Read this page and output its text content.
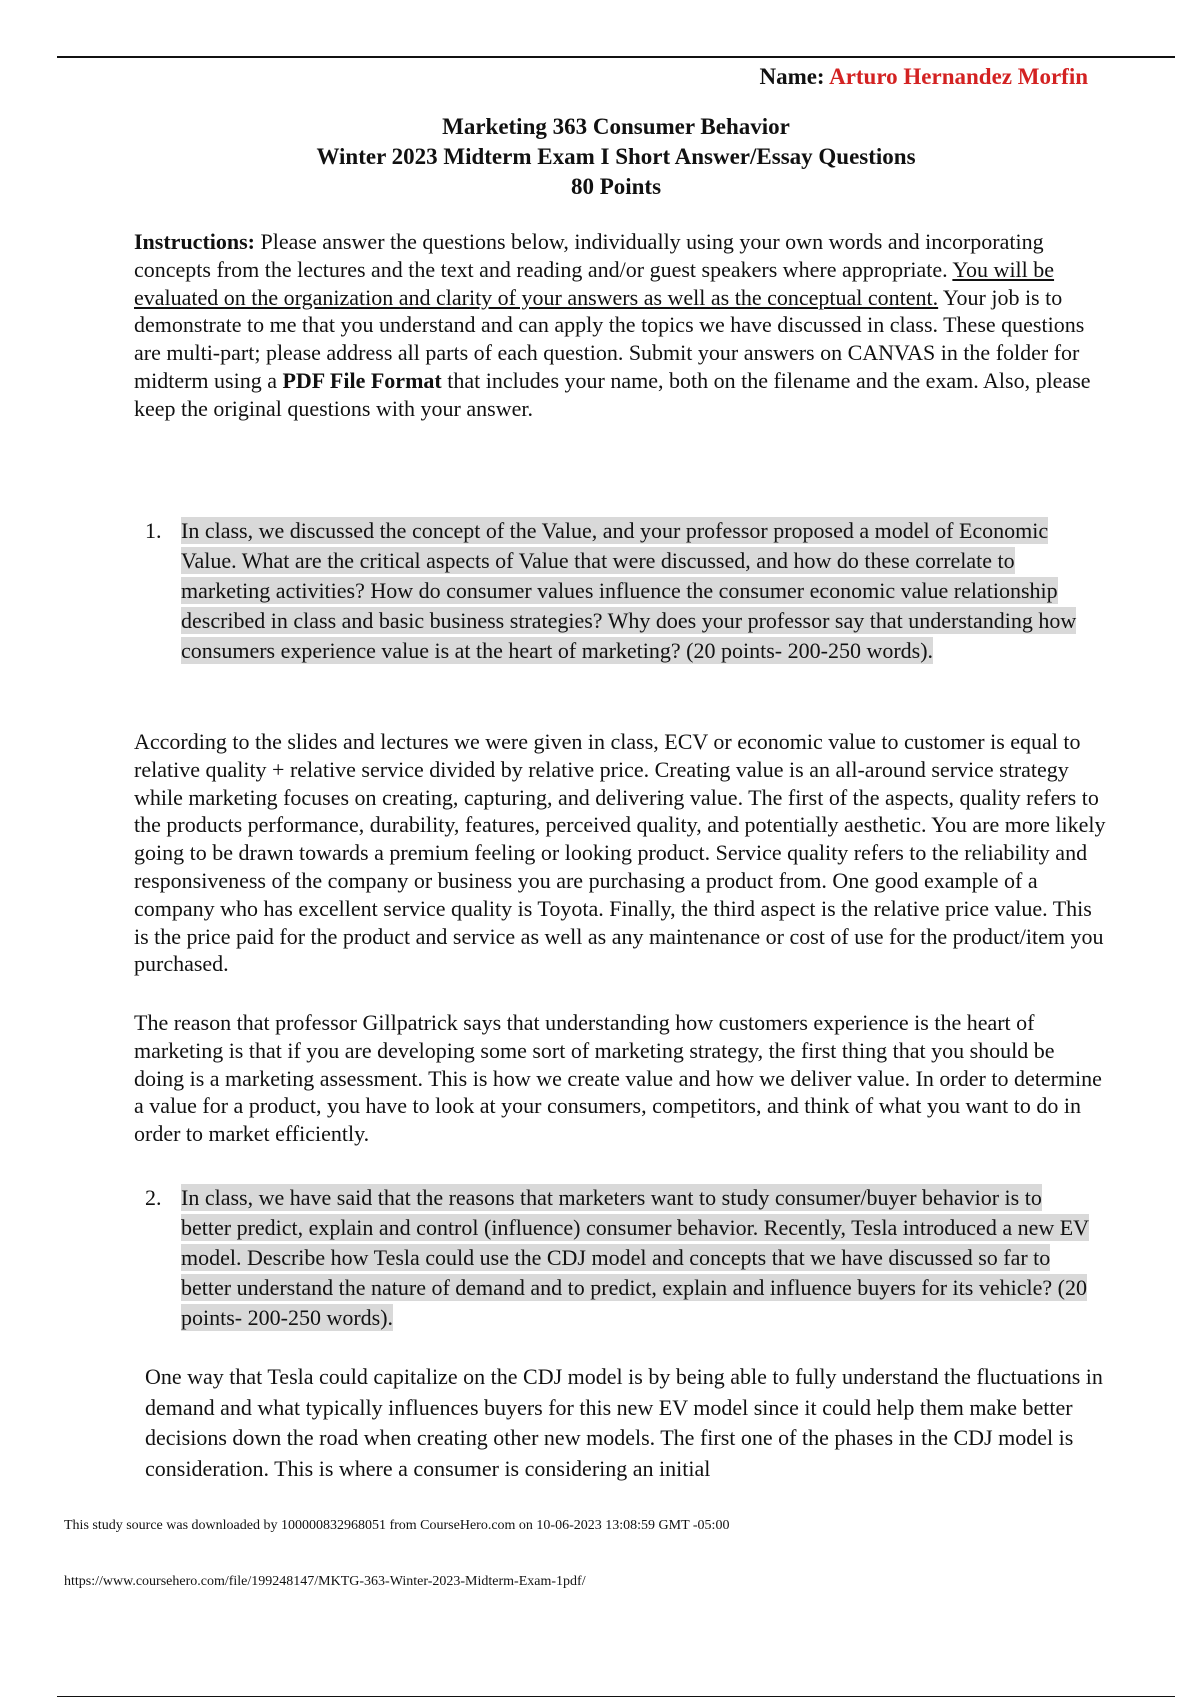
Name: Arturo Hernandez Morfin
Marketing 363 Consumer Behavior
Winter 2023 Midterm Exam I Short Answer/Essay Questions
80 Points

Instructions: Please answer the questions below, individually using your own words and incorporating concepts from the lectures and the text and reading and/or guest speakers where appropriate. You will be evaluated on the organization and clarity of your answers as well as the conceptual content. Your job is to demonstrate to me that you understand and can apply the topics we have discussed in class. These questions are multi-part; please address all parts of each question. Submit your answers on CANVAS in the folder for midterm using a PDF File Format that includes your name, both on the filename and the exam. Also, please keep the original questions with your answer.

1. In class, we discussed the concept of the Value, and your professor proposed a model of Economic Value. What are the critical aspects of Value that were discussed, and how do these correlate to marketing activities? How do consumer values influence the consumer economic value relationship described in class and basic business strategies? Why does your professor say that understanding how consumers experience value is at the heart of marketing? (20 points- 200-250 words).

According to the slides and lectures we were given in class, ECV or economic value to customer is equal to relative quality + relative service divided by relative price. Creating value is an all-around service strategy while marketing focuses on creating, capturing, and delivering value. The first of the aspects, quality refers to the products performance, durability, features, perceived quality, and potentially aesthetic. You are more likely going to be drawn towards a premium feeling or looking product. Service quality refers to the reliability and responsiveness of the company or business you are purchasing a product from. One good example of a company who has excellent service quality is Toyota. Finally, the third aspect is the relative price value. This is the price paid for the product and service as well as any maintenance or cost of use for the product/item you purchased.

The reason that professor Gillpatrick says that understanding how customers experience is the heart of marketing is that if you are developing some sort of marketing strategy, the first thing that you should be doing is a marketing assessment. This is how we create value and how we deliver value. In order to determine a value for a product, you have to look at your consumers, competitors, and think of what you want to do in order to market efficiently.

2. In class, we have said that the reasons that marketers want to study consumer/buyer behavior is to better predict, explain and control (influence) consumer behavior. Recently, Tesla introduced a new EV model. Describe how Tesla could use the CDJ model and concepts that we have discussed so far to better understand the nature of demand and to predict, explain and influence buyers for its vehicle? (20 points- 200-250 words).

One way that Tesla could capitalize on the CDJ model is by being able to fully understand the fluctuations in demand and what typically influences buyers for this new EV model since it could help them make better decisions down the road when creating other new models. The first one of the phases in the CDJ model is consideration. This is where a consumer is considering an initial

This study source was downloaded by 100000832968051 from CourseHero.com on 10-06-2023 13:08:59 GMT -05:00
https://www.coursehero.com/file/199248147/MKTG-363-Winter-2023-Midterm-Exam-1pdf/
